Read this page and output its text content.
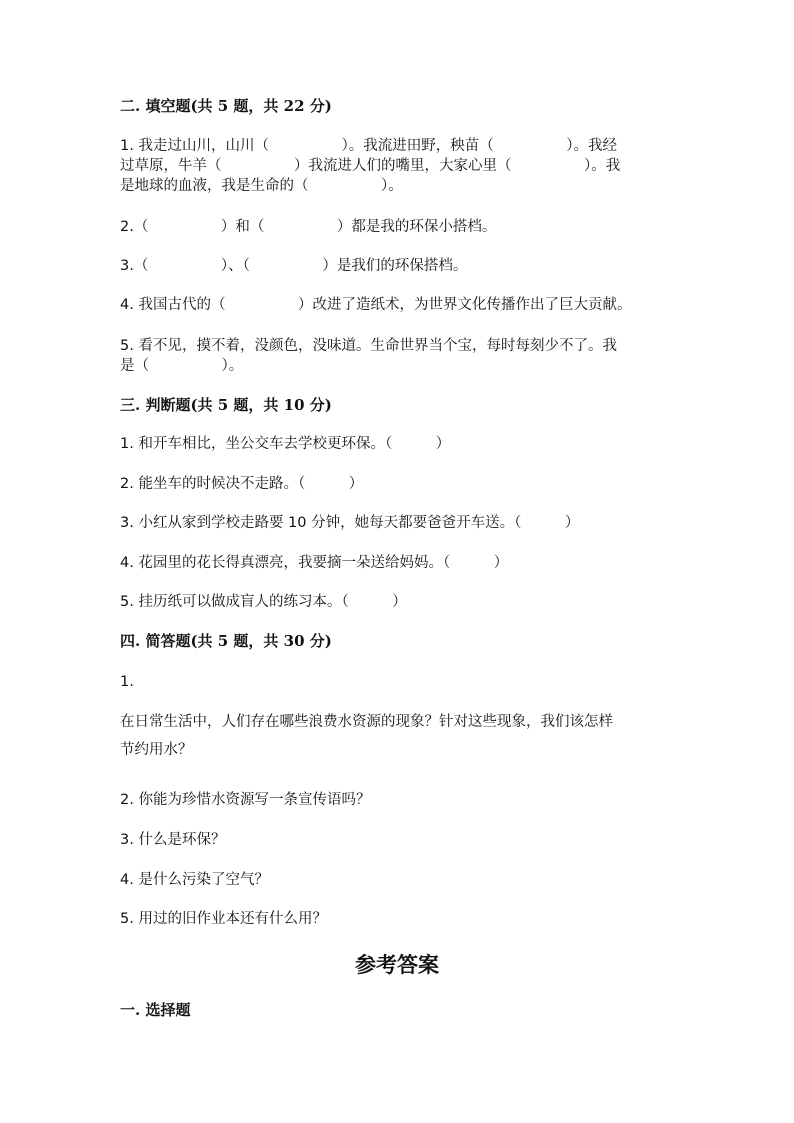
二. 填空题(共 5 题，共 22 分)
1. 我走过山川，山川（　　　　　）。我流进田野，秧苗（　　　　　）。我经
过草原，牛羊（　　　　　）我流进人们的嘴里，大家心里（　　　　　）。我
是地球的血液，我是生命的（　　　　　）。
2.（　　　　　）和（　　　　　）都是我的环保小搭档。
3.（　　　　　）、（　　　　　）是我们的环保搭档。
4. 我国古代的（　　　　　）改进了造纸术，为世界文化传播作出了巨大贡献。
5. 看不见，摸不着，没颜色，没味道。生命世界当个宝，每时每刻少不了。我
是（　　　　　）。
三. 判断题(共 5 题，共 10 分)
1. 和开车相比，坐公交车去学校更环保。（　　　）
2. 能坐车的时候决不走路。（　　　）
3. 小红从家到学校走路要 10 分钟，她每天都要爸爸开车送。（　　　）
4. 花园里的花长得真漂亮，我要摘一朵送给妈妈。（　　　）
5. 挂历纸可以做成盲人的练习本。（　　　）
四. 简答题(共 5 题，共 30 分)
1.
在日常生活中，人们存在哪些浪费水资源的现象？针对这些现象，我们该怎样
节约用水？
2. 你能为珍惜水资源写一条宣传语吗？
3. 什么是环保？
4. 是什么污染了空气？
5. 用过的旧作业本还有什么用？
参考答案
一. 选择题
